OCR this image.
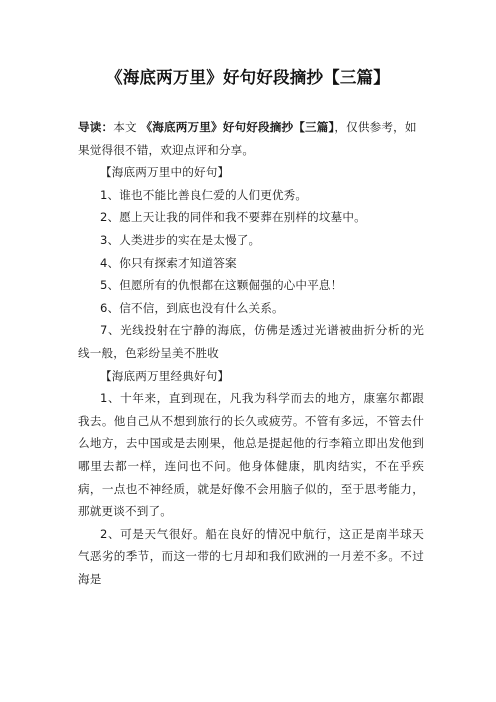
《海底两万里》好句好段摘抄【三篇】

导读：本文 《海底两万里》好句好段摘抄【三篇】，仅供参考，如果觉得很不错，欢迎点评和分享。

【海底两万里中的好句】

1、谁也不能比善良仁爱的人们更优秀。

2、愿上天让我的同伴和我不要葬在别样的坟墓中。

3、人类进步的实在是太慢了。

4、你只有探索才知道答案

5、但愿所有的仇恨都在这颗倔强的心中平息！

6、信不信，到底也没有什么关系。

7、光线投射在宁静的海底，仿佛是透过光谱被曲折分析的光线一般，色彩纷呈美不胜收

【海底两万里经典好句】

1、十年来，直到现在，凡我为科学而去的地方，康塞尔都跟我去。他自己从不想到旅行的长久或疲劳。不管有多远，不管去什么地方，去中国或是去刚果，他总是提起他的行李箱立即出发他到哪里去都一样，连问也不问。他身体健康，肌肉结实，不在乎疾病，一点也不神经质，就是好像不会用脑子似的，至于思考能力，那就更谈不到了。

2、可是天气很好。船在良好的情况中航行，这正是南半球天气恶劣的季节，而这一带的七月却和我们欧洲的一月差不多。不过海是
